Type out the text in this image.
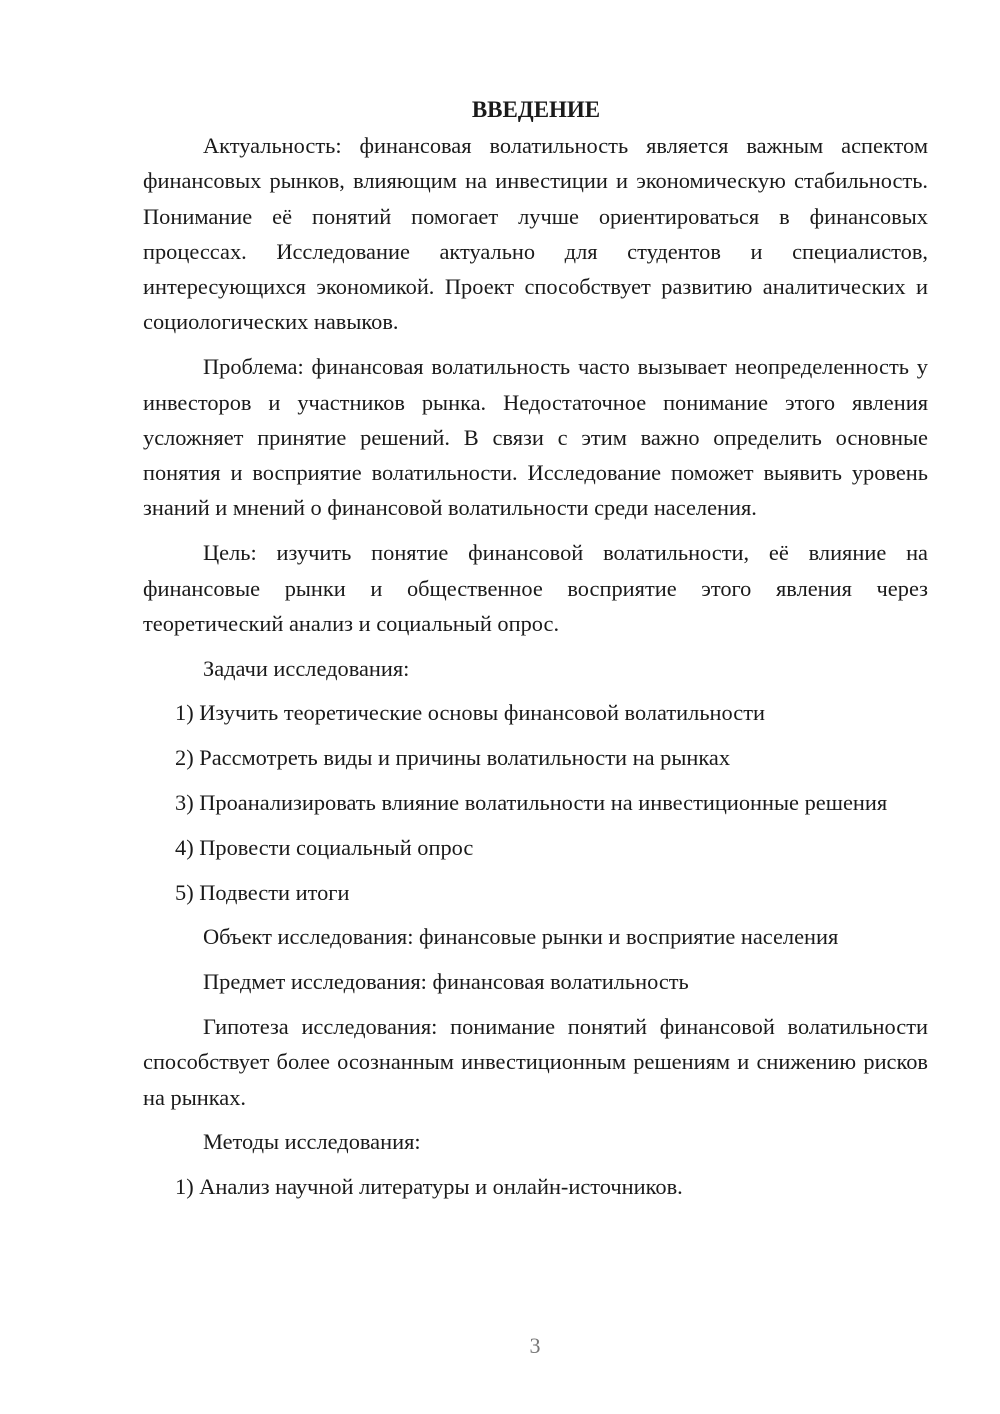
ВВЕДЕНИЕ

Актуальность: финансовая волатильность является важным аспектом финансовых рынков, влияющим на инвестиции и экономическую стабильность. Понимание её понятий помогает лучше ориентироваться в финансовых процессах. Исследование актуально для студентов и специалистов, интересующихся экономикой. Проект способствует развитию аналитических и социологических навыков.

Проблема: финансовая волатильность часто вызывает неопределенность у инвесторов и участников рынка. Недостаточное понимание этого явления усложняет принятие решений. В связи с этим важно определить основные понятия и восприятие волатильности. Исследование поможет выявить уровень знаний и мнений о финансовой волатильности среди населения.

Цель: изучить понятие финансовой волатильности, её влияние на финансовые рынки и общественное восприятие этого явления через теоретический анализ и социальный опрос.

Задачи исследования:

1) Изучить теоретические основы финансовой волатильности

2) Рассмотреть виды и причины волатильности на рынках

3) Проанализировать влияние волатильности на инвестиционные решения

4) Провести социальный опрос

5) Подвести итоги

Объект исследования: финансовые рынки и восприятие населения

Предмет исследования: финансовая волатильность

Гипотеза исследования: понимание понятий финансовой волатильности способствует более осознанным инвестиционным решениям и снижению рисков на рынках.

Методы исследования:

1) Анализ научной литературы и онлайн-источников.

3
